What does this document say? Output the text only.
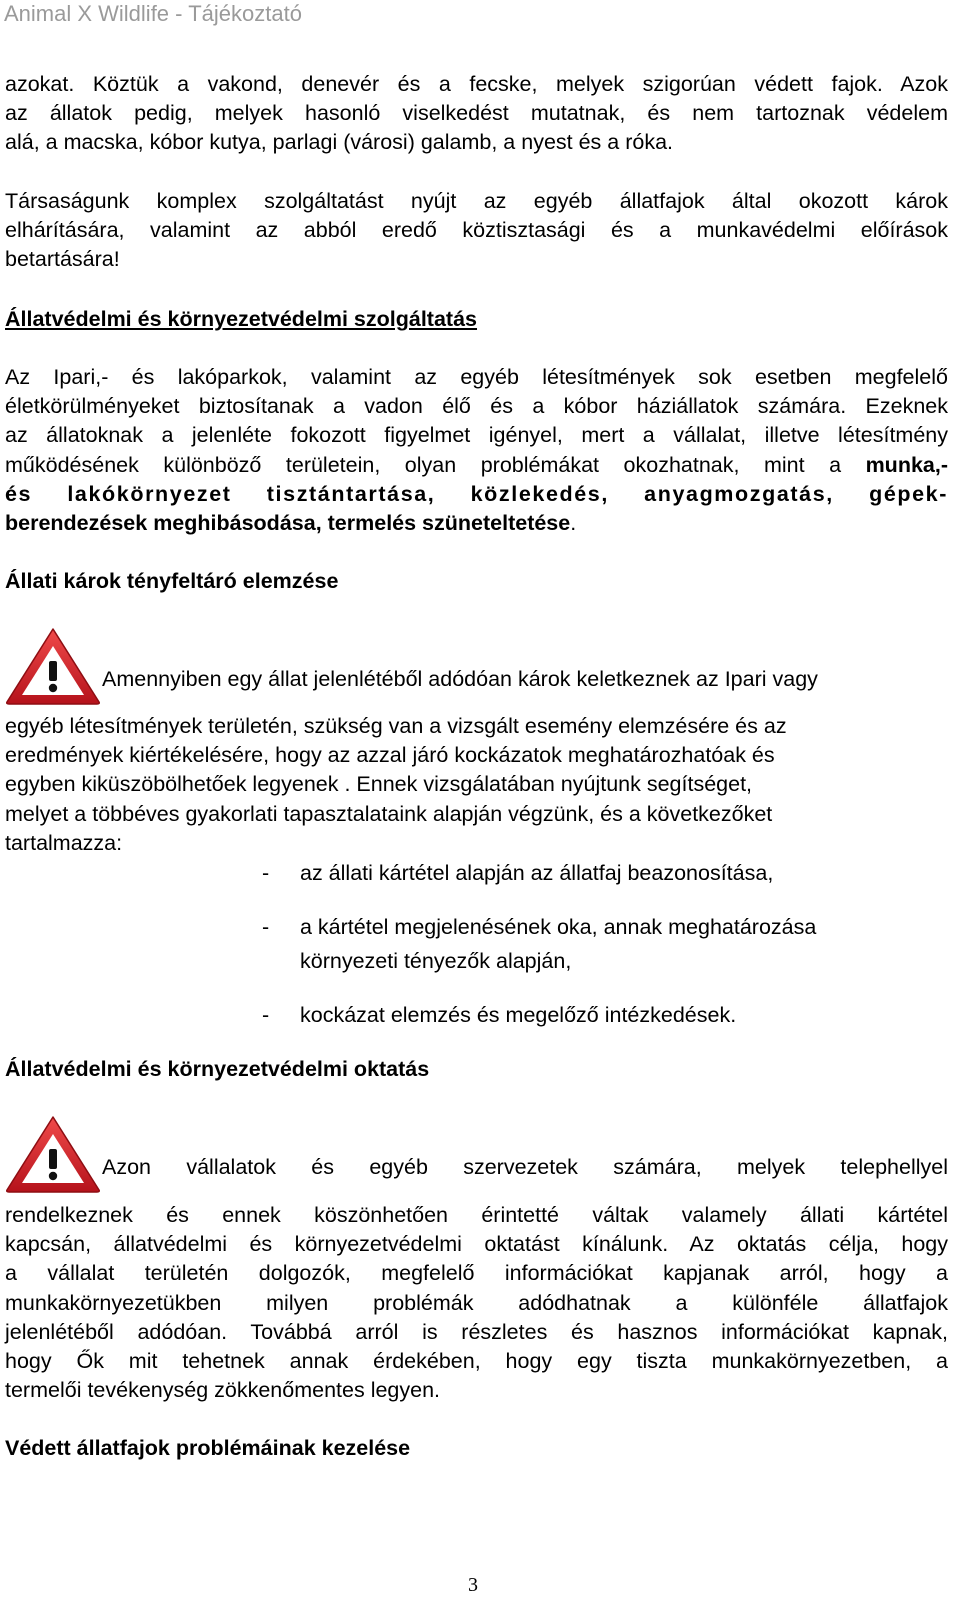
Animal X Wildlife - Tájékoztató
azokat. Köztük a vakond, denevér és a fecske, melyek szigorúan védett fajok. Azok
az állatok pedig, melyek hasonló viselkedést mutatnak, és nem tartoznak védelem
alá, a macska, kóbor kutya, parlagi (városi) galamb, a nyest és a róka.
Társaságunk komplex szolgáltatást nyújt az egyéb állatfajok által okozott károk
elhárítására, valamint az abból eredő köztisztasági és a munkavédelmi előírások
betartására!
Állatvédelmi és környezetvédelmi szolgáltatás
Az Ipari,- és lakóparkok, valamint az egyéb létesítmények sok esetben megfelelő
életkörülményeket biztosítanak a vadon élő és a kóbor háziállatok számára. Ezeknek
az állatoknak a jelenléte fokozott figyelmet igényel, mert a vállalat, illetve létesítmény
működésének különböző területein, olyan problémákat okozhatnak, mint a munka,-
és lakókörnyezet tisztántartása, közlekedés, anyagmozgatás, gépek-
berendezések meghibásodása, termelés szüneteltetése.
Állati károk tényfeltáró elemzése
Amennyiben egy állat jelenlétéből adódóan károk keletkeznek az Ipari vagy
egyéb létesítmények területén, szükség van a vizsgált esemény elemzésére és az
eredmények kiértékelésére, hogy az azzal járó kockázatok meghatározhatóak és
egyben kiküszöbölhetőek legyenek . Ennek vizsgálatában nyújtunk segítséget,
melyet a többéves gyakorlati tapasztalataink alapján végzünk, és a következőket
tartalmazza:
- az állati kártétel alapján az állatfaj beazonosítása,
- a kártétel megjelenésének oka, annak meghatározása
környezeti tényezők alapján,
- kockázat elemzés és megelőző intézkedések.
Állatvédelmi és környezetvédelmi oktatás
Azon vállalatok és egyéb szervezetek számára, melyek telephellyel
rendelkeznek és ennek köszönhetően érintetté váltak valamely állati kártétel
kapcsán, állatvédelmi és környezetvédelmi oktatást kínálunk. Az oktatás célja, hogy
a vállalat területén dolgozók, megfelelő információkat kapjanak arról, hogy a
munkakörnyezetükben milyen problémák adódhatnak a különféle állatfajok
jelenlétéből adódóan. Továbbá arról is részletes és hasznos információkat kapnak,
hogy Ők mit tehetnek annak érdekében, hogy egy tiszta munkakörnyezetben, a
termelői tevékenység zökkenőmentes legyen.
Védett állatfajok problémáinak kezelése
3
